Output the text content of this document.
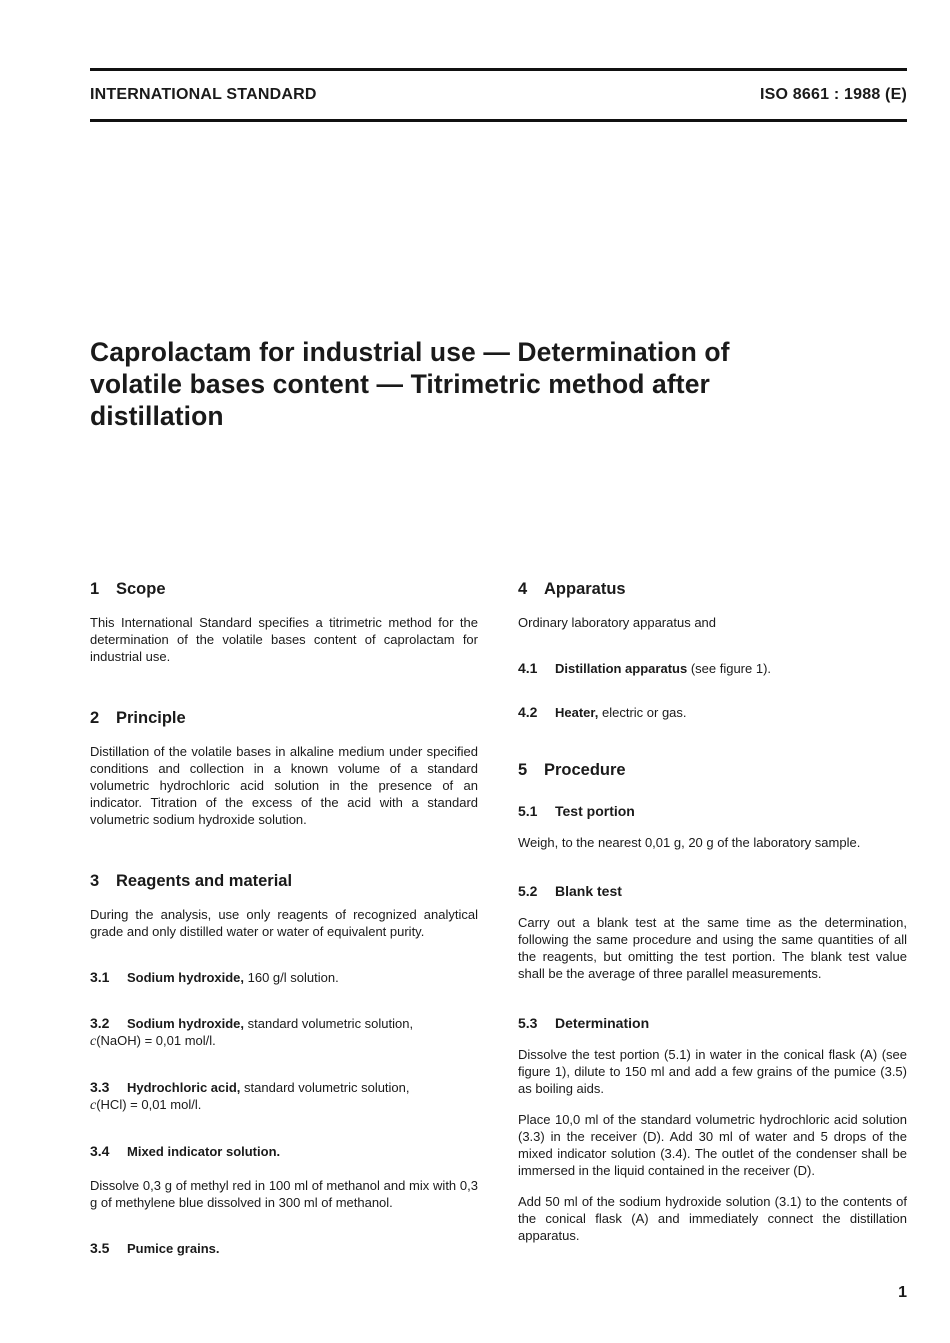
INTERNATIONAL STANDARD	ISO 8661 : 1988 (E)
Caprolactam for industrial use — Determination of
volatile bases content — Titrimetric method after
distillation
1 Scope

This International Standard specifies a titrimetric method for the determination of the volatile bases content of caprolactam for industrial use.

2 Principle

Distillation of the volatile bases in alkaline medium under specified conditions and collection in a known volume of a standard volumetric hydrochloric acid solution in the presence of an indicator. Titration of the excess of the acid with a standard volumetric sodium hydroxide solution.

3 Reagents and material

During the analysis, use only reagents of recognized analytical grade and only distilled water or water of equivalent purity.

3.1 Sodium hydroxide, 160 g/l solution.
3.2 Sodium hydroxide, standard volumetric solution,
c(NaOH) = 0,01 mol/l.
3.3 Hydrochloric acid, standard volumetric solution,
c(HCl) = 0,01 mol/l.
3.4 Mixed indicator solution.

Dissolve 0,3 g of methyl red in 100 ml of methanol and mix with 0,3 g of methylene blue dissolved in 300 ml of methanol.

3.5 Pumice grains.
4 Apparatus

Ordinary laboratory apparatus and

4.1 Distillation apparatus (see figure 1).
4.2 Heater, electric or gas.
5 Procedure
5.1 Test portion

Weigh, to the nearest 0,01 g, 20 g of the laboratory sample.

5.2 Blank test

Carry out a blank test at the same time as the determination, following the same procedure and using the same quantities of all the reagents, but omitting the test portion. The blank test value shall be the average of three parallel measurements.

5.3 Determination

Dissolve the test portion (5.1) in water in the conical flask (A) (see figure 1), dilute to 150 ml and add a few grains of the pumice (3.5) as boiling aids.

Place 10,0 ml of the standard volumetric hydrochloric acid solution (3.3) in the receiver (D). Add 30 ml of water and 5 drops of the mixed indicator solution (3.4). The outlet of the condenser shall be immersed in the liquid contained in the receiver (D).

Add 50 ml of the sodium hydroxide solution (3.1) to the contents of the conical flask (A) and immediately connect the distillation apparatus.

1
